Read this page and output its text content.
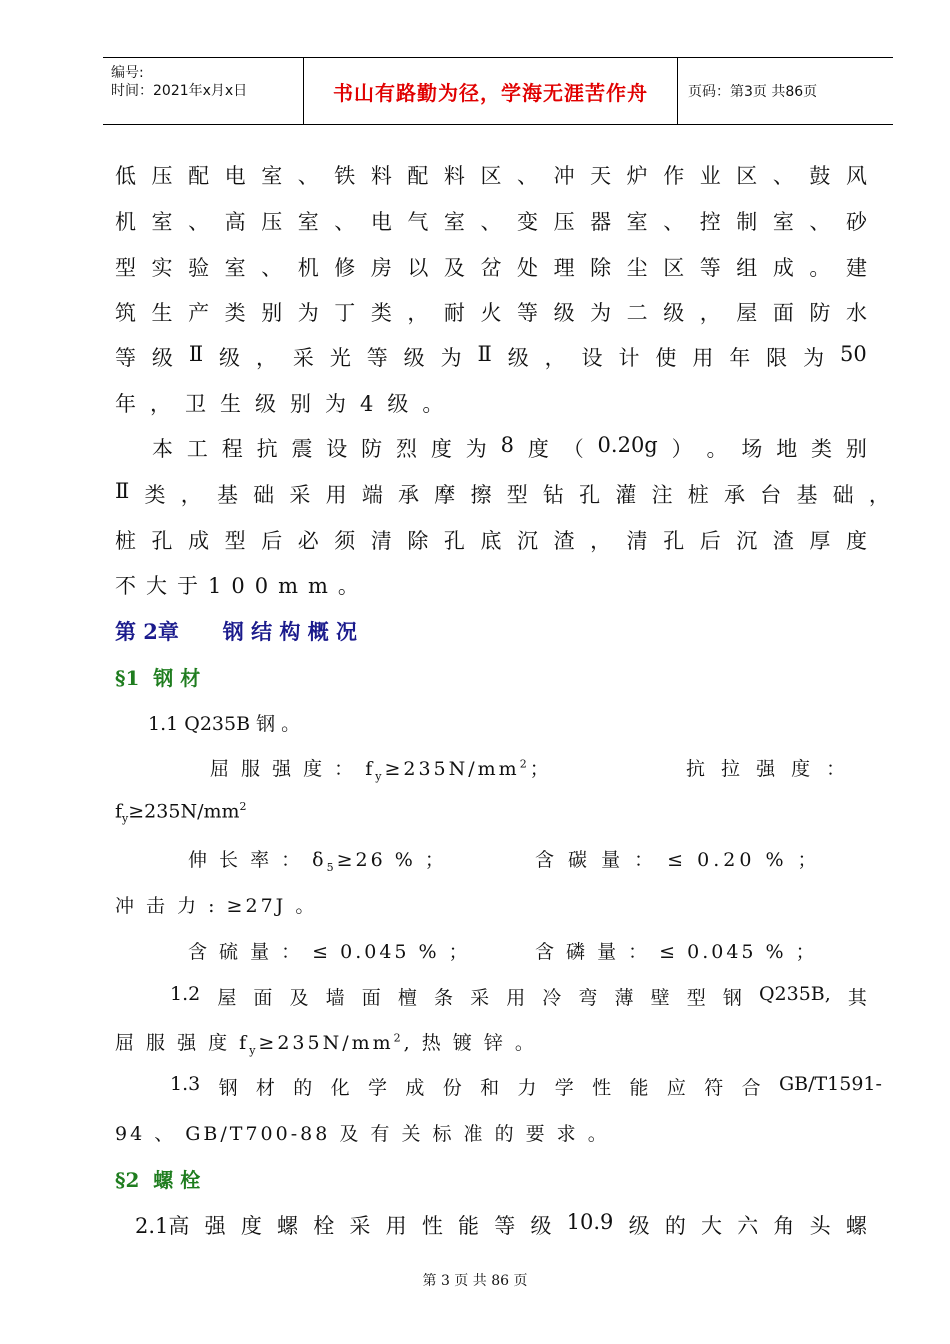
编号:
时间：2021年x月x日	书山有路勤为径，学海无涯苦作舟	页码：第3页 共86页
低 压 配 电 室 、 铁 料 配 料 区 、 冲 天 炉 作 业 区 、 鼓 风
机 室 、 高 压 室 、 电 气 室 、 变 压 器 室 、 控 制 室 、 砂
型 实 验 室 、 机 修 房 以 及 岔 处 理 除 尘 区 等 组 成 。 建
筑 生 产 类 别 为 丁 类 ， 耐 火 等 级 为 二 级 ， 屋 面 防 水
等 级 Ⅱ 级 ， 采 光 等 级 为 Ⅱ 级 ， 设 计 使 用 年 限 为 50
年，卫生级别为4级。
本 工 程 抗 震 设 防 烈 度 为 8 度 （ 0.20g ） 。 场 地 类 别
Ⅱ 类 ， 基 础 采 用 端 承 摩 擦 型 钻 孔 灌 注 桩 承 台 基 础 ，
桩 孔 成 型 后 必 须 清 除 孔 底 沉 渣 ， 清 孔 后 沉 渣 厚 度
不大于100mm。
第 2章      钢 结 构 概 况
§1  钢 材
1.1 Q235B 钢 。
屈 服 强 度 ： $f_y\ge 235N/mm^2$；	抗 拉 强 度 ：
$f_y\ge 235N/mm^2$
伸 长 率 ： $\delta_5\ge 26$ % ；	含 碳 量 ： ≤ 0.20 % ；
冲 击 力 : ≥27J 。
含 硫 量 ： ≤ 0.045 % ；	含 磷 量 ： ≤ 0.045 % ；
1.2 屋 面 及 墙 面 檀 条 采 用 冷 弯 薄 壁 型 钢 Q235B, 其
屈 服 强 度 $f_y\ge 235N/mm^2$, 热 镀 锌 。
1.3 钢 材 的 化 学 成 份 和 力 学 性 能 应 符 合 GB/T1591-
94 、 GB/T700-88 及 有 关 标 准 的 要 求 。
§2  螺 栓
2.1高 强 度 螺 栓 采 用 性 能 等 级 10.9 级 的 大 六 角 头 螺
第 3 页 共 86 页
